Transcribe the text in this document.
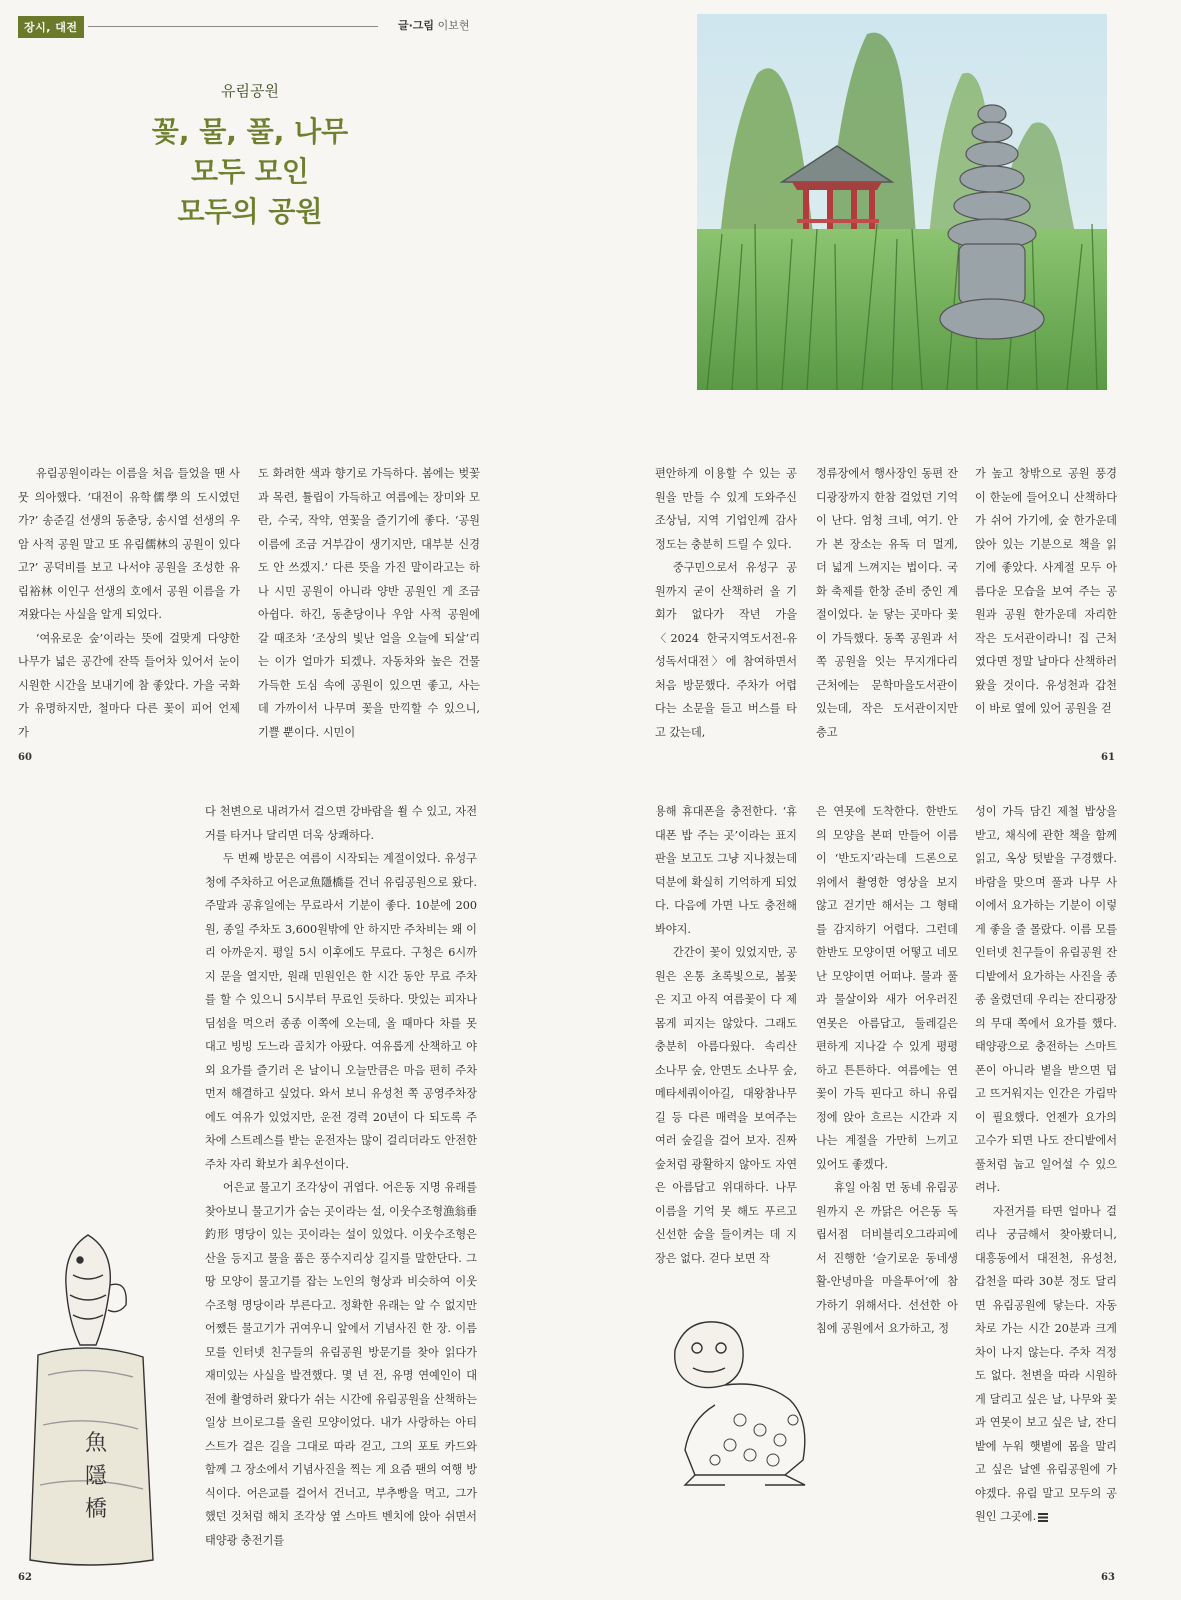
장시, 대전	글·그림 이보현
유림공원
꽃, 물, 풀, 나무
모두 모인
모두의 공원

유림공원이라는 이름을 처음 들었을 땐 사뭇 의아했다. ‘대전이 유학儒學의 도시였던가?’ 송준길 선생의 동춘당, 송시열 선생의 우암 사적 공원 말고 또 유림儒林의 공원이 있다고?’ 공덕비를 보고 나서야 공원을 조성한 유림裕林 이인구 선생의 호에서 공원 이름을 가져왔다는 사실을 알게 되었다.

‘여유로운 숲’이라는 뜻에 걸맞게 다양한 나무가 넓은 공간에 잔뜩 들어차 있어서 눈이 시원한 시간을 보내기에 참 좋았다. 가을 국화가 유명하지만, 철마다 다른 꽃이 피어 언제 가

도 화려한 색과 향기로 가득하다. 봄에는 벚꽃과 목련, 튤립이 가득하고 여름에는 장미와 모란, 수국, 작약, 연꽃을 즐기기에 좋다. ‘공원 이름에 조금 거부감이 생기지만, 대부분 신경도 안 쓰겠지.’ 다른 뜻을 가진 말이라고는 하나 시민 공원이 아니라 양반 공원인 게 조금 아쉽다. 하긴, 동춘당이나 우암 사적 공원에 갈 때조차 ‘조상의 빛난 얼을 오늘에 되살’리는 이가 얼마가 되겠나. 자동차와 높은 건물 가득한 도심 속에 공원이 있으면 좋고, 사는 데 가까이서 나무며 꽃을 만끽할 수 있으니, 기쁠 뿐이다. 시민이

편안하게 이용할 수 있는 공원을 만들 수 있게 도와주신 조상님, 지역 기업인께 감사 정도는 충분히 드릴 수 있다.

중구민으로서 유성구 공원까지 굳이 산책하러 올 기회가 없다가 작년 가을 〈2024 한국지역도서전-유성독서대전〉에 참여하면서 처음 방문했다. 주차가 어렵다는 소문을 듣고 버스를 타고 갔는데,

정류장에서 행사장인 동편 잔디광장까지 한참 걸었던 기억이 난다. 엄청 크네, 여기. 안가 본 장소는 유독 더 멀게, 더 넓게 느껴지는 법이다. 국화 축제를 한창 준비 중인 계절이었다. 눈 닿는 곳마다 꽃이 가득했다. 동쪽 공원과 서쪽 공원을 잇는 무지개다리 근처에는 문학마을도서관이 있는데, 작은 도서관이지만 층고

가 높고 창밖으로 공원 풍경이 한눈에 들어오니 산책하다가 쉬어 가기에, 숲 한가운데 앉아 있는 기분으로 책을 읽기에 좋았다. 사계절 모두 아름다운 모습을 보여 주는 공원과 공원 한가운데 자리한 작은 도서관이라니! 집 근처였다면 정말 날마다 산책하러 왔을 것이다. 유성천과 갑천이 바로 옆에 있어 공원을 걷

60	61
魚
隱
橋

다 천변으로 내려가서 걸으면 강바람을 쐴 수 있고, 자전거를 타거나 달리면 더욱 상쾌하다.

두 번째 방문은 여름이 시작되는 계절이었다. 유성구청에 주차하고 어은교魚隱橋를 건너 유림공원으로 왔다. 주말과 공휴일에는 무료라서 기분이 좋다. 10분에 200원, 종일 주차도 3,600원밖에 안 하지만 주차비는 왜 이리 아까운지. 평일 5시 이후에도 무료다. 구청은 6시까지 문을 열지만, 원래 민원인은 한 시간 동안 무료 주차를 할 수 있으니 5시부터 무료인 듯하다. 맛있는 피자나 딤섬을 먹으러 종종 이쪽에 오는데, 올 때마다 차를 못 대고 빙빙 도느라 골치가 아팠다. 여유롭게 산책하고 야외 요가를 즐기러 온 날이니 오늘만큼은 마음 편히 주차 먼저 해결하고 싶었다. 와서 보니 유성천 쪽 공영주차장에도 여유가 있었지만, 운전 경력 20년이 다 되도록 주차에 스트레스를 받는 운전자는 많이 걸리더라도 안전한 주차 자리 확보가 최우선이다.

어은교 물고기 조각상이 귀엽다. 어은동 지명 유래를 찾아보니 물고기가 숨는 곳이라는 설, 이웃수조형漁翁垂釣形 명당이 있는 곳이라는 설이 있었다. 이웃수조형은 산을 등지고 물을 품은 풍수지리상 길지를 말한단다. 그 땅 모양이 물고기를 잡는 노인의 형상과 비슷하여 이웃수조형 명당이라 부른다고. 정확한 유래는 알 수 없지만 어쨌든 물고기가 귀여우니 앞에서 기념사진 한 장. 이름 모를 인터넷 친구들의 유림공원 방문기를 찾아 읽다가 재미있는 사실을 발견했다. 몇 년 전, 유명 연예인이 대전에 촬영하러 왔다가 쉬는 시간에 유림공원을 산책하는 일상 브이로그를 올린 모양이었다. 내가 사랑하는 아티스트가 걸은 길을 그대로 따라 걷고, 그의 포토 카드와 함께 그 장소에서 기념사진을 찍는 게 요즘 팬의 여행 방식이다. 어은교를 걸어서 건너고, 부추빵을 먹고, 그가 했던 것처럼 해치 조각상 옆 스마트 벤치에 앉아 쉬면서 태양광 충전기를

용해 휴대폰을 충전한다. ‘휴대폰 밥 주는 곳’이라는 표지판을 보고도 그냥 지나쳤는데 덕분에 확실히 기억하게 되었다. 다음에 가면 나도 충전해 봐야지.

간간이 꽃이 있었지만, 공원은 온통 초록빛으로, 봄꽃은 지고 아직 여름꽃이 다 제몸게 피지는 않았다. 그래도 충분히 아름다웠다. 속리산 소나무 숲, 안면도 소나무 숲, 메타세쿼이아길, 대왕참나무길 등 다른 매력을 보여주는 여러 숲길을 걸어 보자. 진짜 숲처럼 광활하지 않아도 자연은 아름답고 위대하다. 나무 이름을 기억 못 해도 푸르고 신선한 숨을 들이켜는 데 지장은 없다. 걷다 보면 작

은 연못에 도착한다. 한반도의 모양을 본떠 만들어 이름이 ‘반도지’라는데 드론으로 위에서 촬영한 영상을 보지 않고 걷기만 해서는 그 형태를 감지하기 어렵다. 그런데 한반도 모양이면 어떻고 네모난 모양이면 어떠냐. 물과 풀과 물살이와 새가 어우러진 연못은 아름답고, 둘레길은 편하게 지나갈 수 있게 평평하고 튼튼하다. 여름에는 연꽃이 가득 핀다고 하니 유림정에 앉아 흐르는 시간과 지나는 계절을 가만히 느끼고 있어도 좋겠다.

휴일 아침 먼 동네 유림공원까지 온 까닭은 어은동 독립서점 더비블리오그라피에서 진행한 ‘슬기로운 동네생활-안녕마을 마을투어’에 참가하기 위해서다. 선선한 아침에 공원에서 요가하고, 정

성이 가득 담긴 제철 밥상을 받고, 채식에 관한 책을 함께 읽고, 옥상 텃밭을 구경했다. 바람을 맞으며 풀과 나무 사이에서 요가하는 기분이 이렇게 좋을 줄 몰랐다. 이름 모를 인터넷 친구들이 유림공원 잔디밭에서 요가하는 사진을 종종 올렸던데 우리는 잔디광장의 무대 쪽에서 요가를 했다. 태양광으로 충전하는 스마트폰이 아니라 볕을 받으면 덥고 뜨거워지는 인간은 가림막이 필요했다. 언젠가 요가의 고수가 되면 나도 잔디밭에서 풀처럼 눕고 일어설 수 있으려나.

자전거를 타면 얼마나 걸리나 궁금해서 찾아봤더니, 대흥동에서 대전천, 유성천, 갑천을 따라 30분 정도 달리면 유림공원에 닿는다. 자동차로 가는 시간 20분과 크게 차이 나지 않는다. 주차 걱정도 없다. 천변을 따라 시원하게 달리고 싶은 날, 나무와 꽃과 연못이 보고 싶은 날, 잔디밭에 누워 햇볕에 몸을 말리고 싶은 날엔 유림공원에 가야겠다. 유림 말고 모두의 공원인 그곳에.

62	63
